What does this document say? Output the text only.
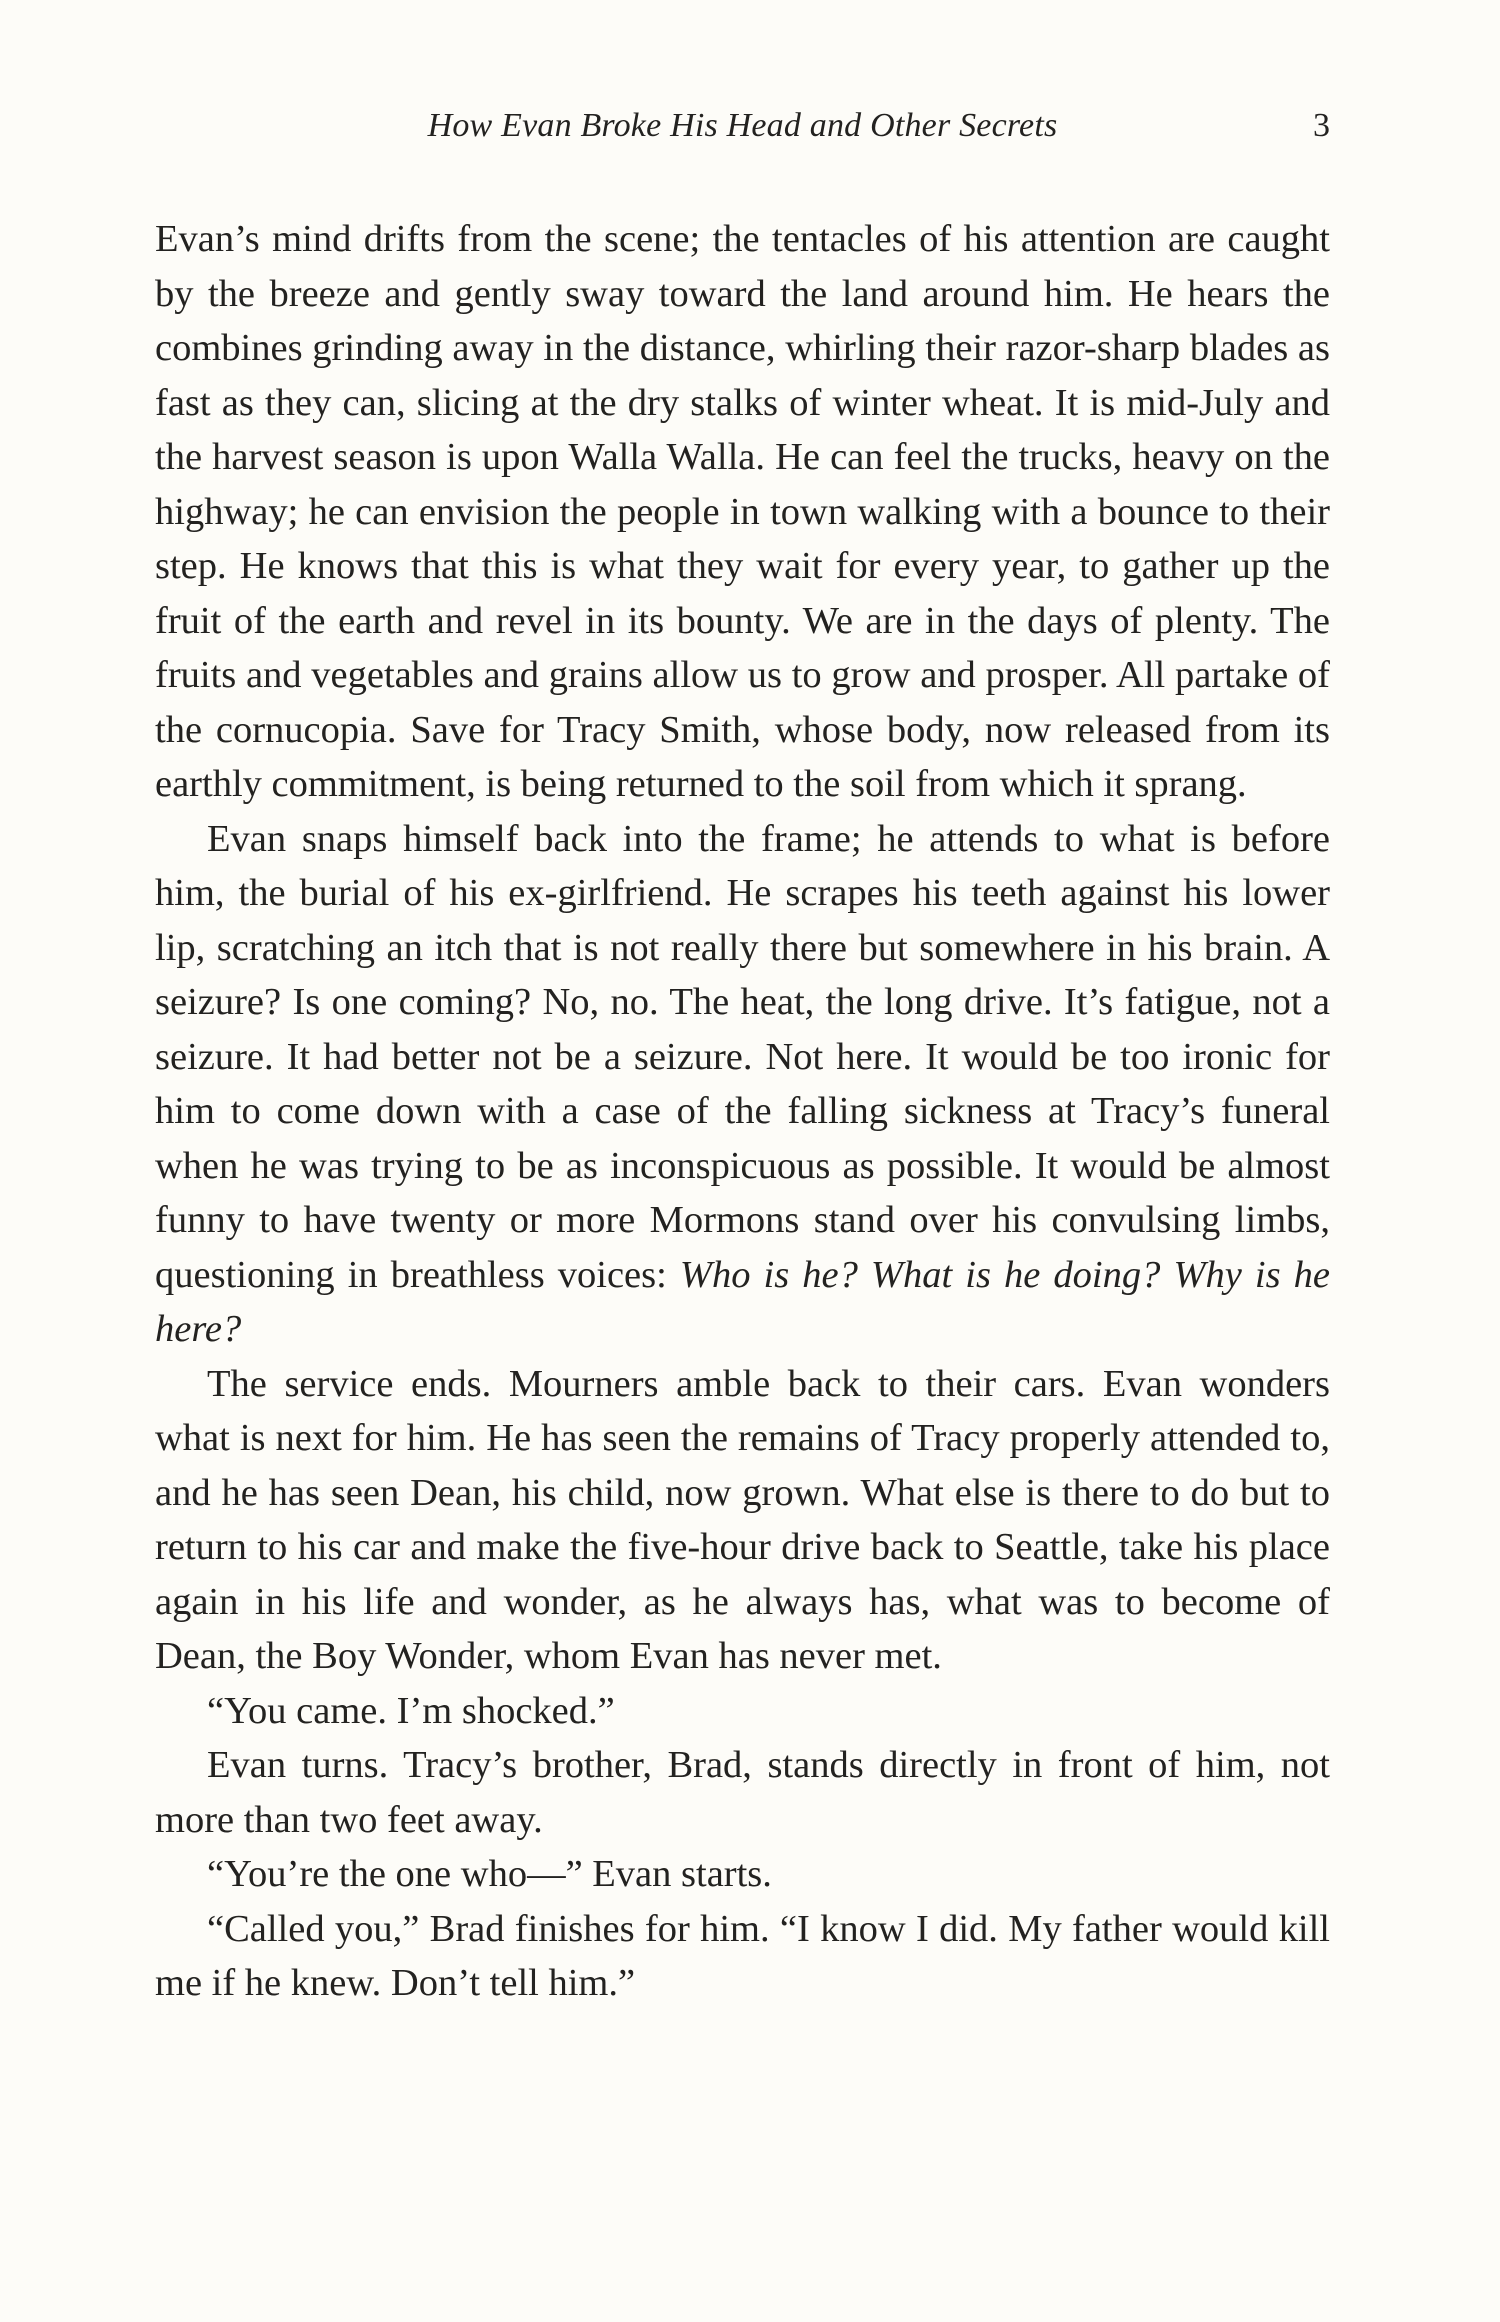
How Evan Broke His Head and Other Secrets	3

Evan’s mind drifts from the scene; the tentacles of his attention are caught by the breeze and gently sway toward the land around him. He hears the combines grinding away in the distance, whirling their razor-sharp blades as fast as they can, slicing at the dry stalks of winter wheat. It is mid-July and the harvest season is upon Walla Walla. He can feel the trucks, heavy on the highway; he can envision the people in town walking with a bounce to their step. He knows that this is what they wait for every year, to gather up the fruit of the earth and revel in its bounty. We are in the days of plenty. The fruits and vegetables and grains allow us to grow and prosper. All partake of the cornucopia. Save for Tracy Smith, whose body, now released from its earthly commitment, is being returned to the soil from which it sprang.

Evan snaps himself back into the frame; he attends to what is before him, the burial of his ex-girlfriend. He scrapes his teeth against his lower lip, scratching an itch that is not really there but somewhere in his brain. A seizure? Is one coming? No, no. The heat, the long drive. It’s fatigue, not a seizure. It had better not be a seizure. Not here. It would be too ironic for him to come down with a case of the falling sickness at Tracy’s funeral when he was trying to be as inconspicuous as possible. It would be almost funny to have twenty or more Mormons stand over his convulsing limbs, questioning in breathless voices: Who is he? What is he doing? Why is he here?

The service ends. Mourners amble back to their cars. Evan wonders what is next for him. He has seen the remains of Tracy properly attended to, and he has seen Dean, his child, now grown. What else is there to do but to return to his car and make the five-hour drive back to Seattle, take his place again in his life and wonder, as he always has, what was to become of Dean, the Boy Wonder, whom Evan has never met.

“You came. I’m shocked.”

Evan turns. Tracy’s brother, Brad, stands directly in front of him, not more than two feet away.

“You’re the one who—” Evan starts.

“Called you,” Brad finishes for him. “I know I did. My father would kill me if he knew. Don’t tell him.”
